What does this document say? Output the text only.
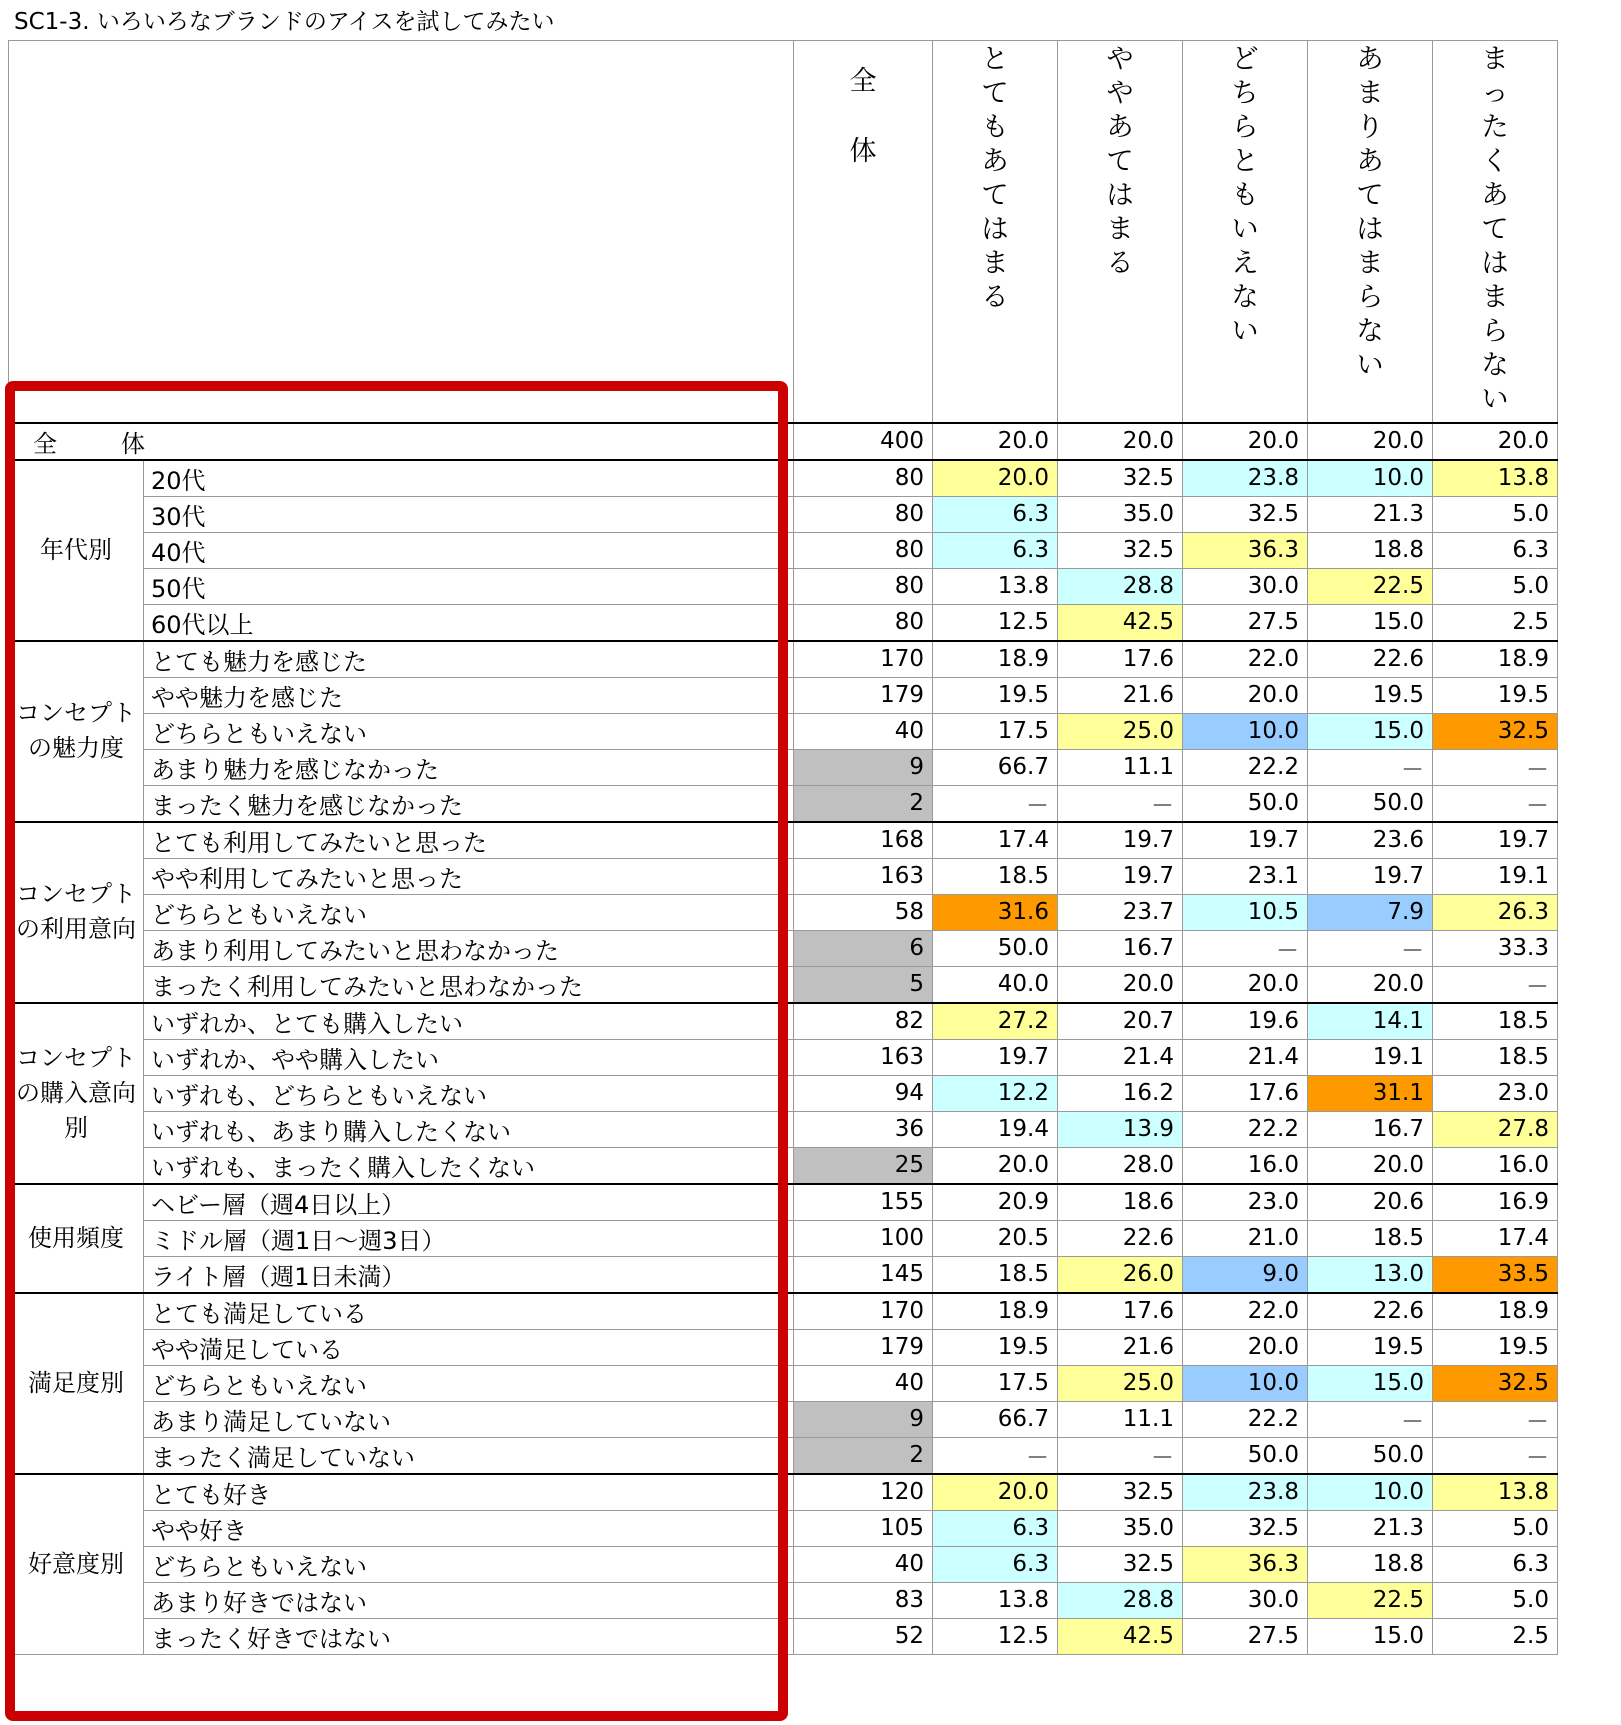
SC1-3. いろいろなブランドのアイスを試してみたい
		全体	とてもあてはまる	ややあてはまる	どちらともいえない	あまりあてはまらない	まったくあてはまらない
全　体		400	20.0	20.0	20.0	20.0	20.0
年代別	20代	80	20.0	32.5	23.8	10.0	13.8
	30代	80	6.3	35.0	32.5	21.3	5.0
	40代	80	6.3	32.5	36.3	18.8	6.3
	50代	80	13.8	28.8	30.0	22.5	5.0
	60代以上	80	12.5	42.5	27.5	15.0	2.5
コンセプトの魅力度	とても魅力を感じた	170	18.9	17.6	22.0	22.6	18.9
	やや魅力を感じた	179	19.5	21.6	20.0	19.5	19.5
	どちらともいえない	40	17.5	25.0	10.0	15.0	32.5
	あまり魅力を感じなかった	9	66.7	11.1	22.2	－	－
	まったく魅力を感じなかった	2	－	－	50.0	50.0	－
コンセプトの利用意向	とても利用してみたいと思った	168	17.4	19.7	19.7	23.6	19.7
	やや利用してみたいと思った	163	18.5	19.7	23.1	19.7	19.1
	どちらともいえない	58	31.6	23.7	10.5	7.9	26.3
	あまり利用してみたいと思わなかった	6	50.0	16.7	－	－	33.3
	まったく利用してみたいと思わなかった	5	40.0	20.0	20.0	20.0	－
コンセプトの購入意向別	いずれか、とても購入したい	82	27.2	20.7	19.6	14.1	18.5
	いずれか、やや購入したい	163	19.7	21.4	21.4	19.1	18.5
	いずれも、どちらともいえない	94	12.2	16.2	17.6	31.1	23.0
	いずれも、あまり購入したくない	36	19.4	13.9	22.2	16.7	27.8
	いずれも、まったく購入したくない	25	20.0	28.0	16.0	20.0	16.0
使用頻度	ヘビー層（週4日以上）	155	20.9	18.6	23.0	20.6	16.9
	ミドル層（週1日～週3日）	100	20.5	22.6	21.0	18.5	17.4
	ライト層（週1日未満）	145	18.5	26.0	9.0	13.0	33.5
満足度別	とても満足している	170	18.9	17.6	22.0	22.6	18.9
	やや満足している	179	19.5	21.6	20.0	19.5	19.5
	どちらともいえない	40	17.5	25.0	10.0	15.0	32.5
	あまり満足していない	9	66.7	11.1	22.2	－	－
	まったく満足していない	2	－	－	50.0	50.0	－
好意度別	とても好き	120	20.0	32.5	23.8	10.0	13.8
	やや好き	105	6.3	35.0	32.5	21.3	5.0
	どちらともいえない	40	6.3	32.5	36.3	18.8	6.3
	あまり好きではない	83	13.8	28.8	30.0	22.5	5.0
	まったく好きではない	52	12.5	42.5	27.5	15.0	2.5
